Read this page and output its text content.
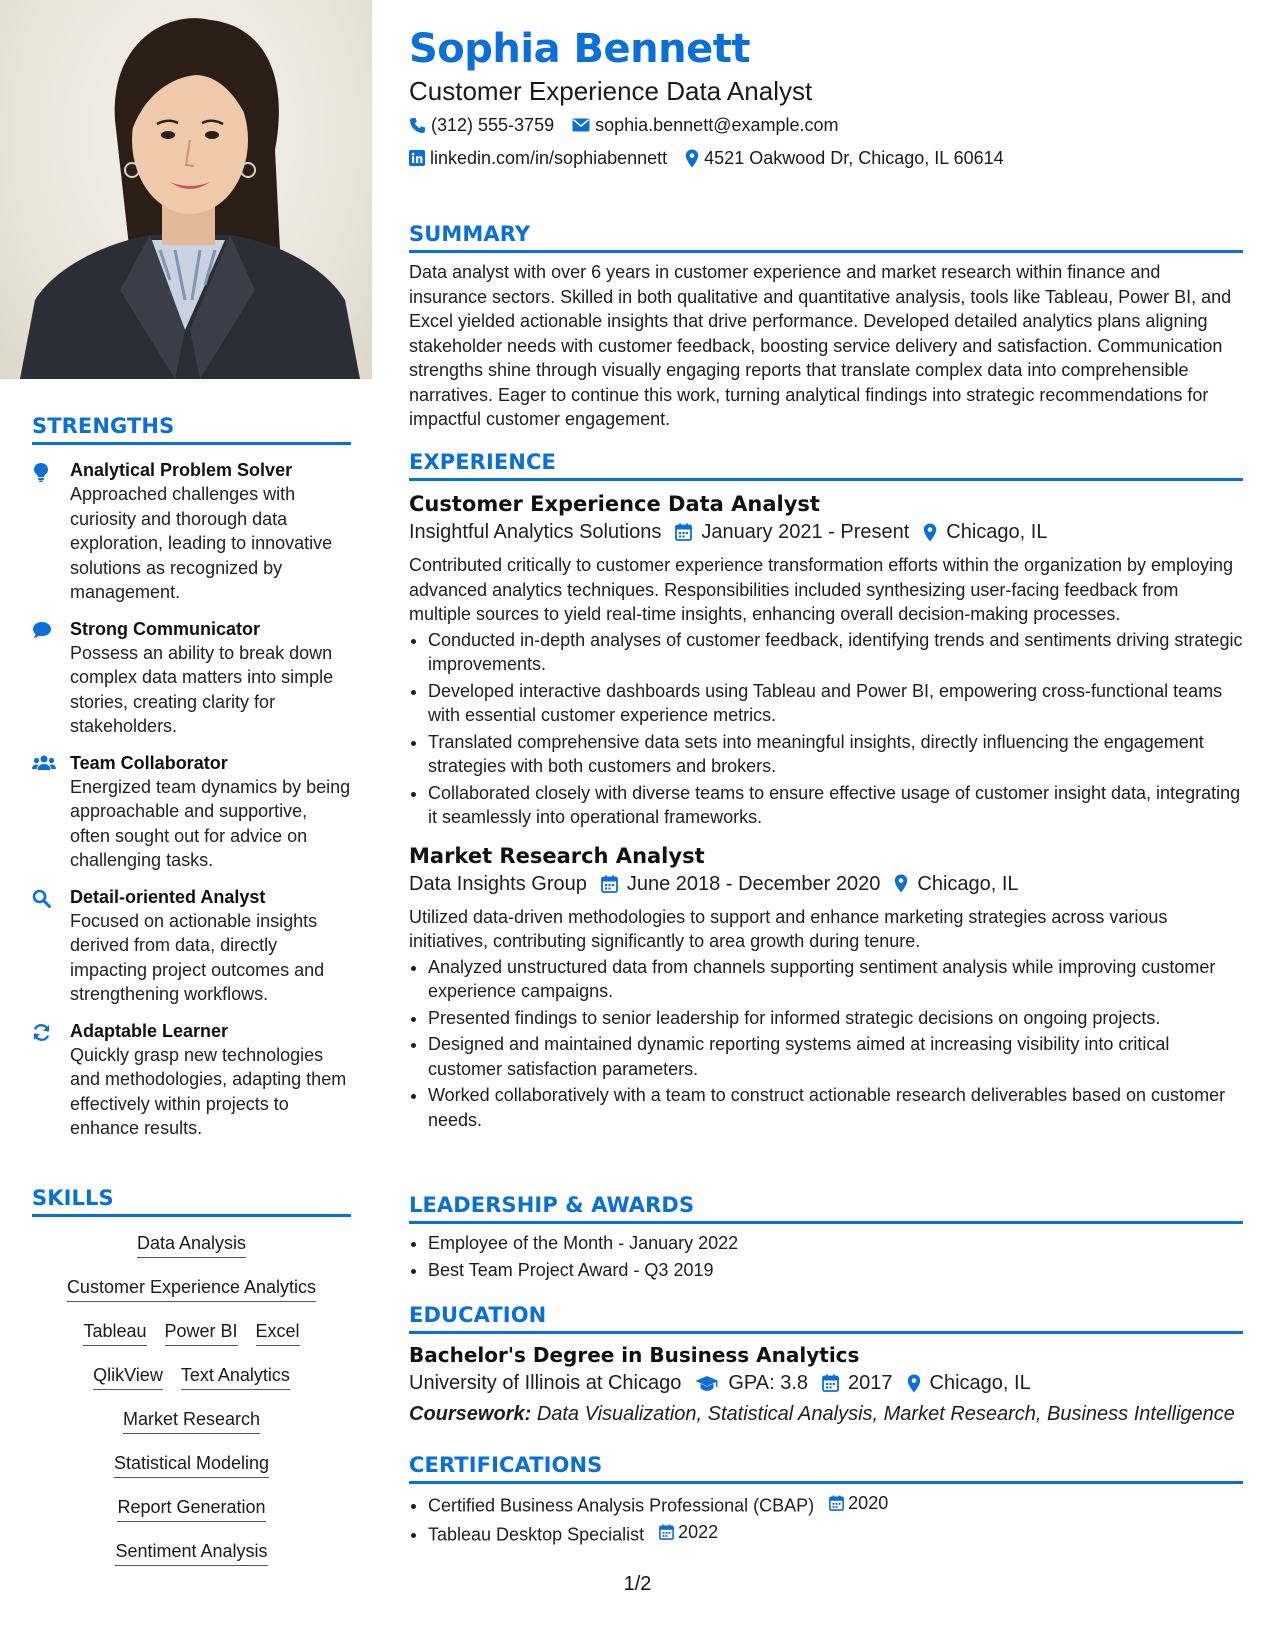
STRENGTHS
Analytical Problem Solver
Approached challenges with curiosity and thorough data exploration, leading to innovative solutions as recognized by management.
Strong Communicator
Possess an ability to break down complex data matters into simple stories, creating clarity for stakeholders.
Team Collaborator
Energized team dynamics by being approachable and supportive, often sought out for advice on challenging tasks.
Detail-oriented Analyst
Focused on actionable insights derived from data, directly impacting project outcomes and strengthening workflows.
Adaptable Learner
Quickly grasp new technologies and methodologies, adapting them effectively within projects to enhance results.
SKILLS
Data Analysis
Customer Experience Analytics
Tableau Power BI Excel
QlikView Text Analytics
Market Research
Statistical Modeling
Report Generation
Sentiment Analysis
Sophia Bennett
Customer Experience Data Analyst
(312) 555-3759 sophia.bennett@example.com
linkedin.com/in/sophiabennett 4521 Oakwood Dr, Chicago, IL 60614
SUMMARY

Data analyst with over 6 years in customer experience and market research within finance and insurance sectors. Skilled in both qualitative and quantitative analysis, tools like Tableau, Power BI, and Excel yielded actionable insights that drive performance. Developed detailed analytics plans aligning stakeholder needs with customer feedback, boosting service delivery and satisfaction. Communication strengths shine through visually engaging reports that translate complex data into comprehensible narratives. Eager to continue this work, turning analytical findings into strategic recommendations for impactful customer engagement.

EXPERIENCE
Customer Experience Data Analyst
Insightful Analytics Solutions January 2021 - Present Chicago, IL

Contributed critically to customer experience transformation efforts within the organization by employing advanced analytics techniques. Responsibilities included synthesizing user-facing feedback from multiple sources to yield real-time insights, enhancing overall decision-making processes.

• Conducted in-depth analyses of customer feedback, identifying trends and sentiments driving strategic improvements.
• Developed interactive dashboards using Tableau and Power BI, empowering cross-functional teams with essential customer experience metrics.
• Translated comprehensive data sets into meaningful insights, directly influencing the engagement strategies with both customers and brokers.
• Collaborated closely with diverse teams to ensure effective usage of customer insight data, integrating it seamlessly into operational frameworks.
Market Research Analyst
Data Insights Group June 2018 - December 2020 Chicago, IL

Utilized data-driven methodologies to support and enhance marketing strategies across various initiatives, contributing significantly to area growth during tenure.

• Analyzed unstructured data from channels supporting sentiment analysis while improving customer experience campaigns.
• Presented findings to senior leadership for informed strategic decisions on ongoing projects.
• Designed and maintained dynamic reporting systems aimed at increasing visibility into critical customer satisfaction parameters.
• Worked collaboratively with a team to construct actionable research deliverables based on customer needs.
LEADERSHIP & AWARDS
• Employee of the Month - January 2022
• Best Team Project Award - Q3 2019
EDUCATION
Bachelor's Degree in Business Analytics
University of Illinois at Chicago GPA: 3.8 2017 Chicago, IL
Coursework: Data Visualization, Statistical Analysis, Market Research, Business Intelligence
CERTIFICATIONS
• Certified Business Analysis Professional (CBAP) 2020
• Tableau Desktop Specialist 2022
1/2
